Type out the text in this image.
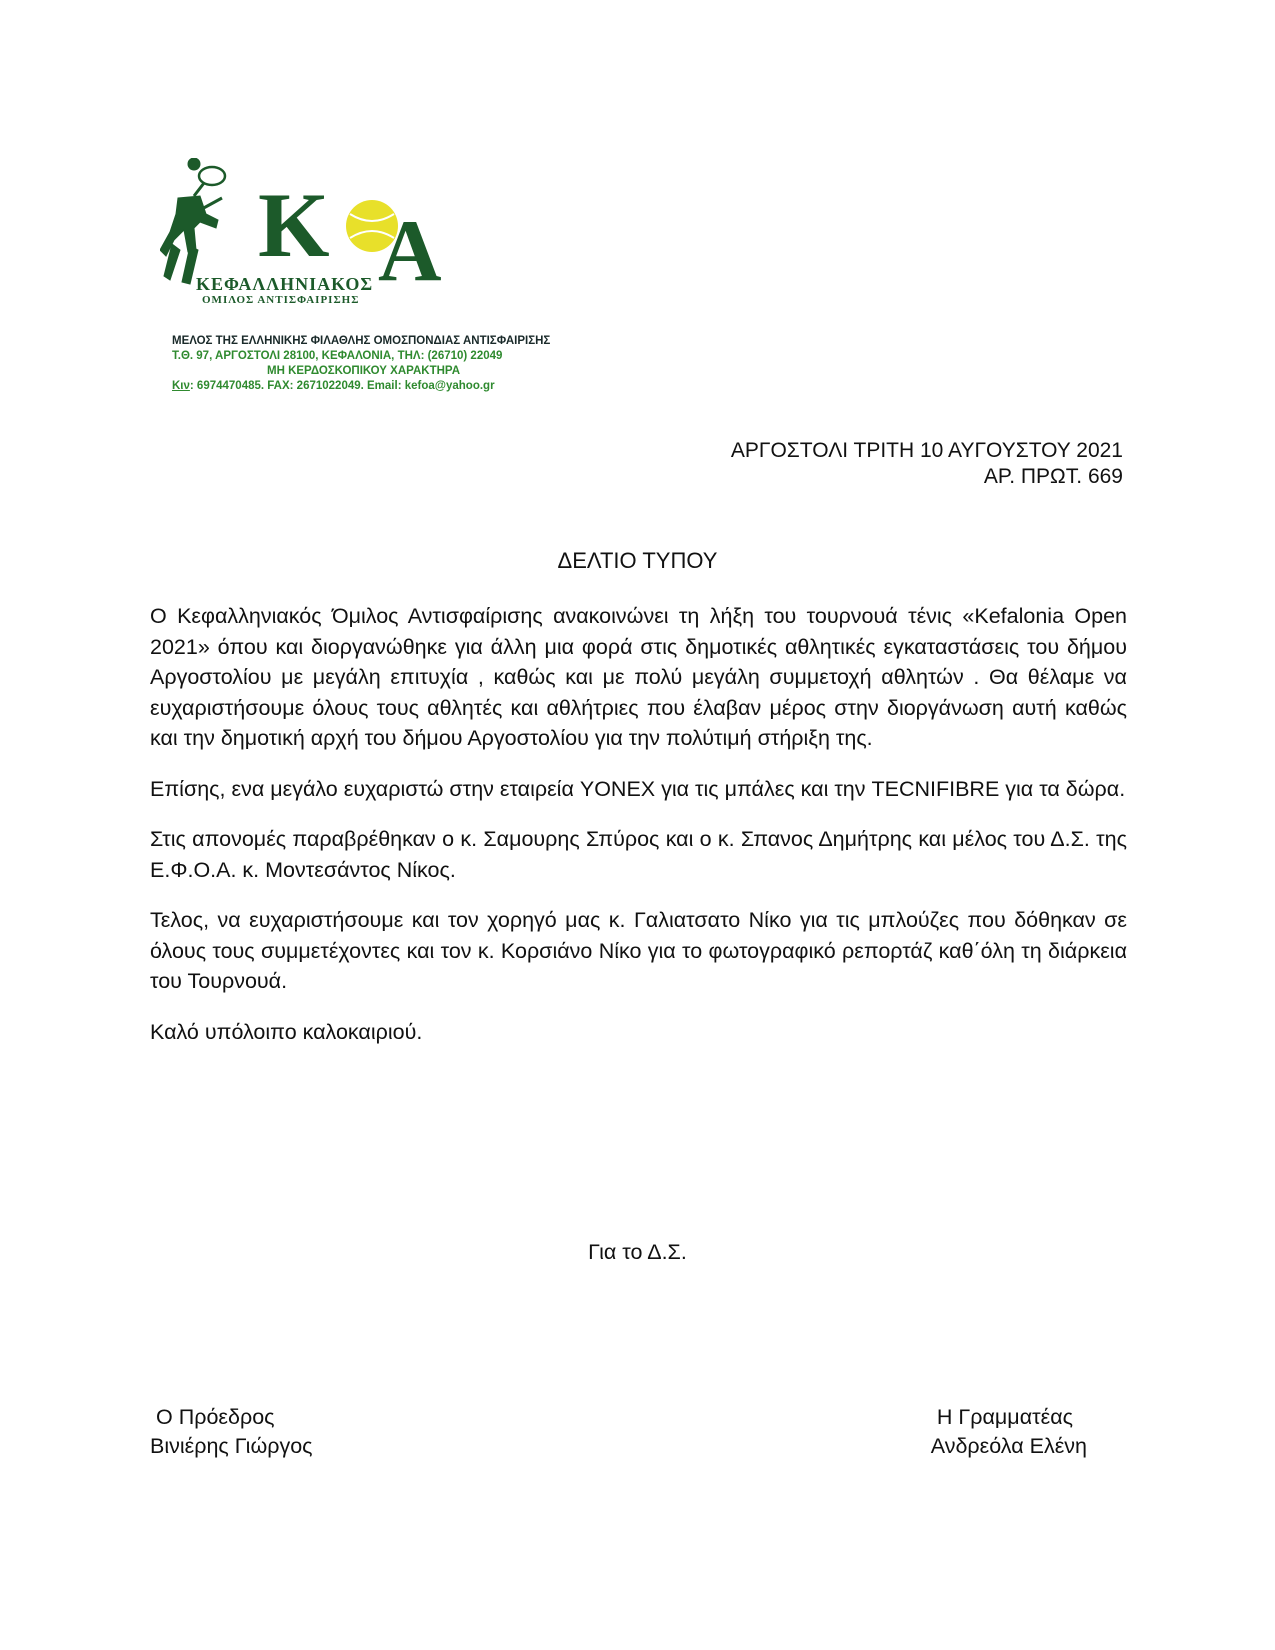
K A
ΚΕΦΑΛΛΗΝΙΑΚΟΣ
ΟΜΙΛΟΣ ΑΝΤΙΣΦΑΙΡΙΣΗΣ
ΜΕΛΟΣ ΤΗΣ ΕΛΛΗΝΙΚΗΣ ΦΙΛΑΘΛΗΣ ΟΜΟΣΠΟΝΔΙΑΣ ΑΝΤΙΣΦΑΙΡΙΣΗΣ
Τ.Θ. 97, ΑΡΓΟΣΤΟΛΙ 28100, ΚΕΦΑΛΟΝΙΑ, ΤΗΛ: (26710) 22049
ΜΗ ΚΕΡΔΟΣΚΟΠΙΚΟΥ ΧΑΡΑΚΤΗΡΑ
Κιν: 6974470485. FAX: 2671022049. Email: kefoa@yahoo.gr
ΑΡΓΟΣΤΟΛΙ ΤΡΙΤΗ 10 ΑΥΓΟΥΣΤΟΥ 2021
ΑΡ. ΠΡΩΤ. 669
ΔΕΛΤΙΟ ΤΥΠΟΥ

Ο Κεφαλληνιακός Όμιλος Αντισφαίρισης ανακοινώνει τη λήξη του τουρνουά τένις «Kefalonia Open 2021» όπου και διοργανώθηκε για άλλη μια φορά στις δημοτικές αθλητικές εγκαταστάσεις του δήμου Αργοστολίου με μεγάλη επιτυχία , καθώς και με πολύ μεγάλη συμμετοχή αθλητών . Θα θέλαμε να ευχαριστήσουμε όλους τους αθλητές και αθλήτριες που έλαβαν μέρος στην διοργάνωση αυτή καθώς και την δημοτική αρχή του δήμου Αργοστολίου για την πολύτιμή στήριξη της.

Επίσης, ενα μεγάλο ευχαριστώ στην εταιρεία YONEX για τις μπάλες και την TECNIFIBRE για τα δώρα.

Στις απονομές παραβρέθηκαν ο κ. Σαμουρης Σπύρος και ο κ. Σπανος Δημήτρης και μέλος του Δ.Σ. της Ε.Φ.Ο.Α. κ. Μοντεσάντος Νίκος.

Τελος, να ευχαριστήσουμε και τον χορηγό μας κ. Γαλιατσατο Νίκο για τις μπλούζες που δόθηκαν σε όλους τους συμμετέχοντες και τον κ. Κορσιάνο Νίκο για το φωτογραφικό ρεπορτάζ καθ΄όλη τη διάρκεια του Τουρνουά.

Καλό υπόλοιπο καλοκαιριού.

Για το Δ.Σ.
Ο Πρόεδρος
Βινιέρης Γιώργος
Η Γραμματέας
Ανδρεόλα Ελένη
